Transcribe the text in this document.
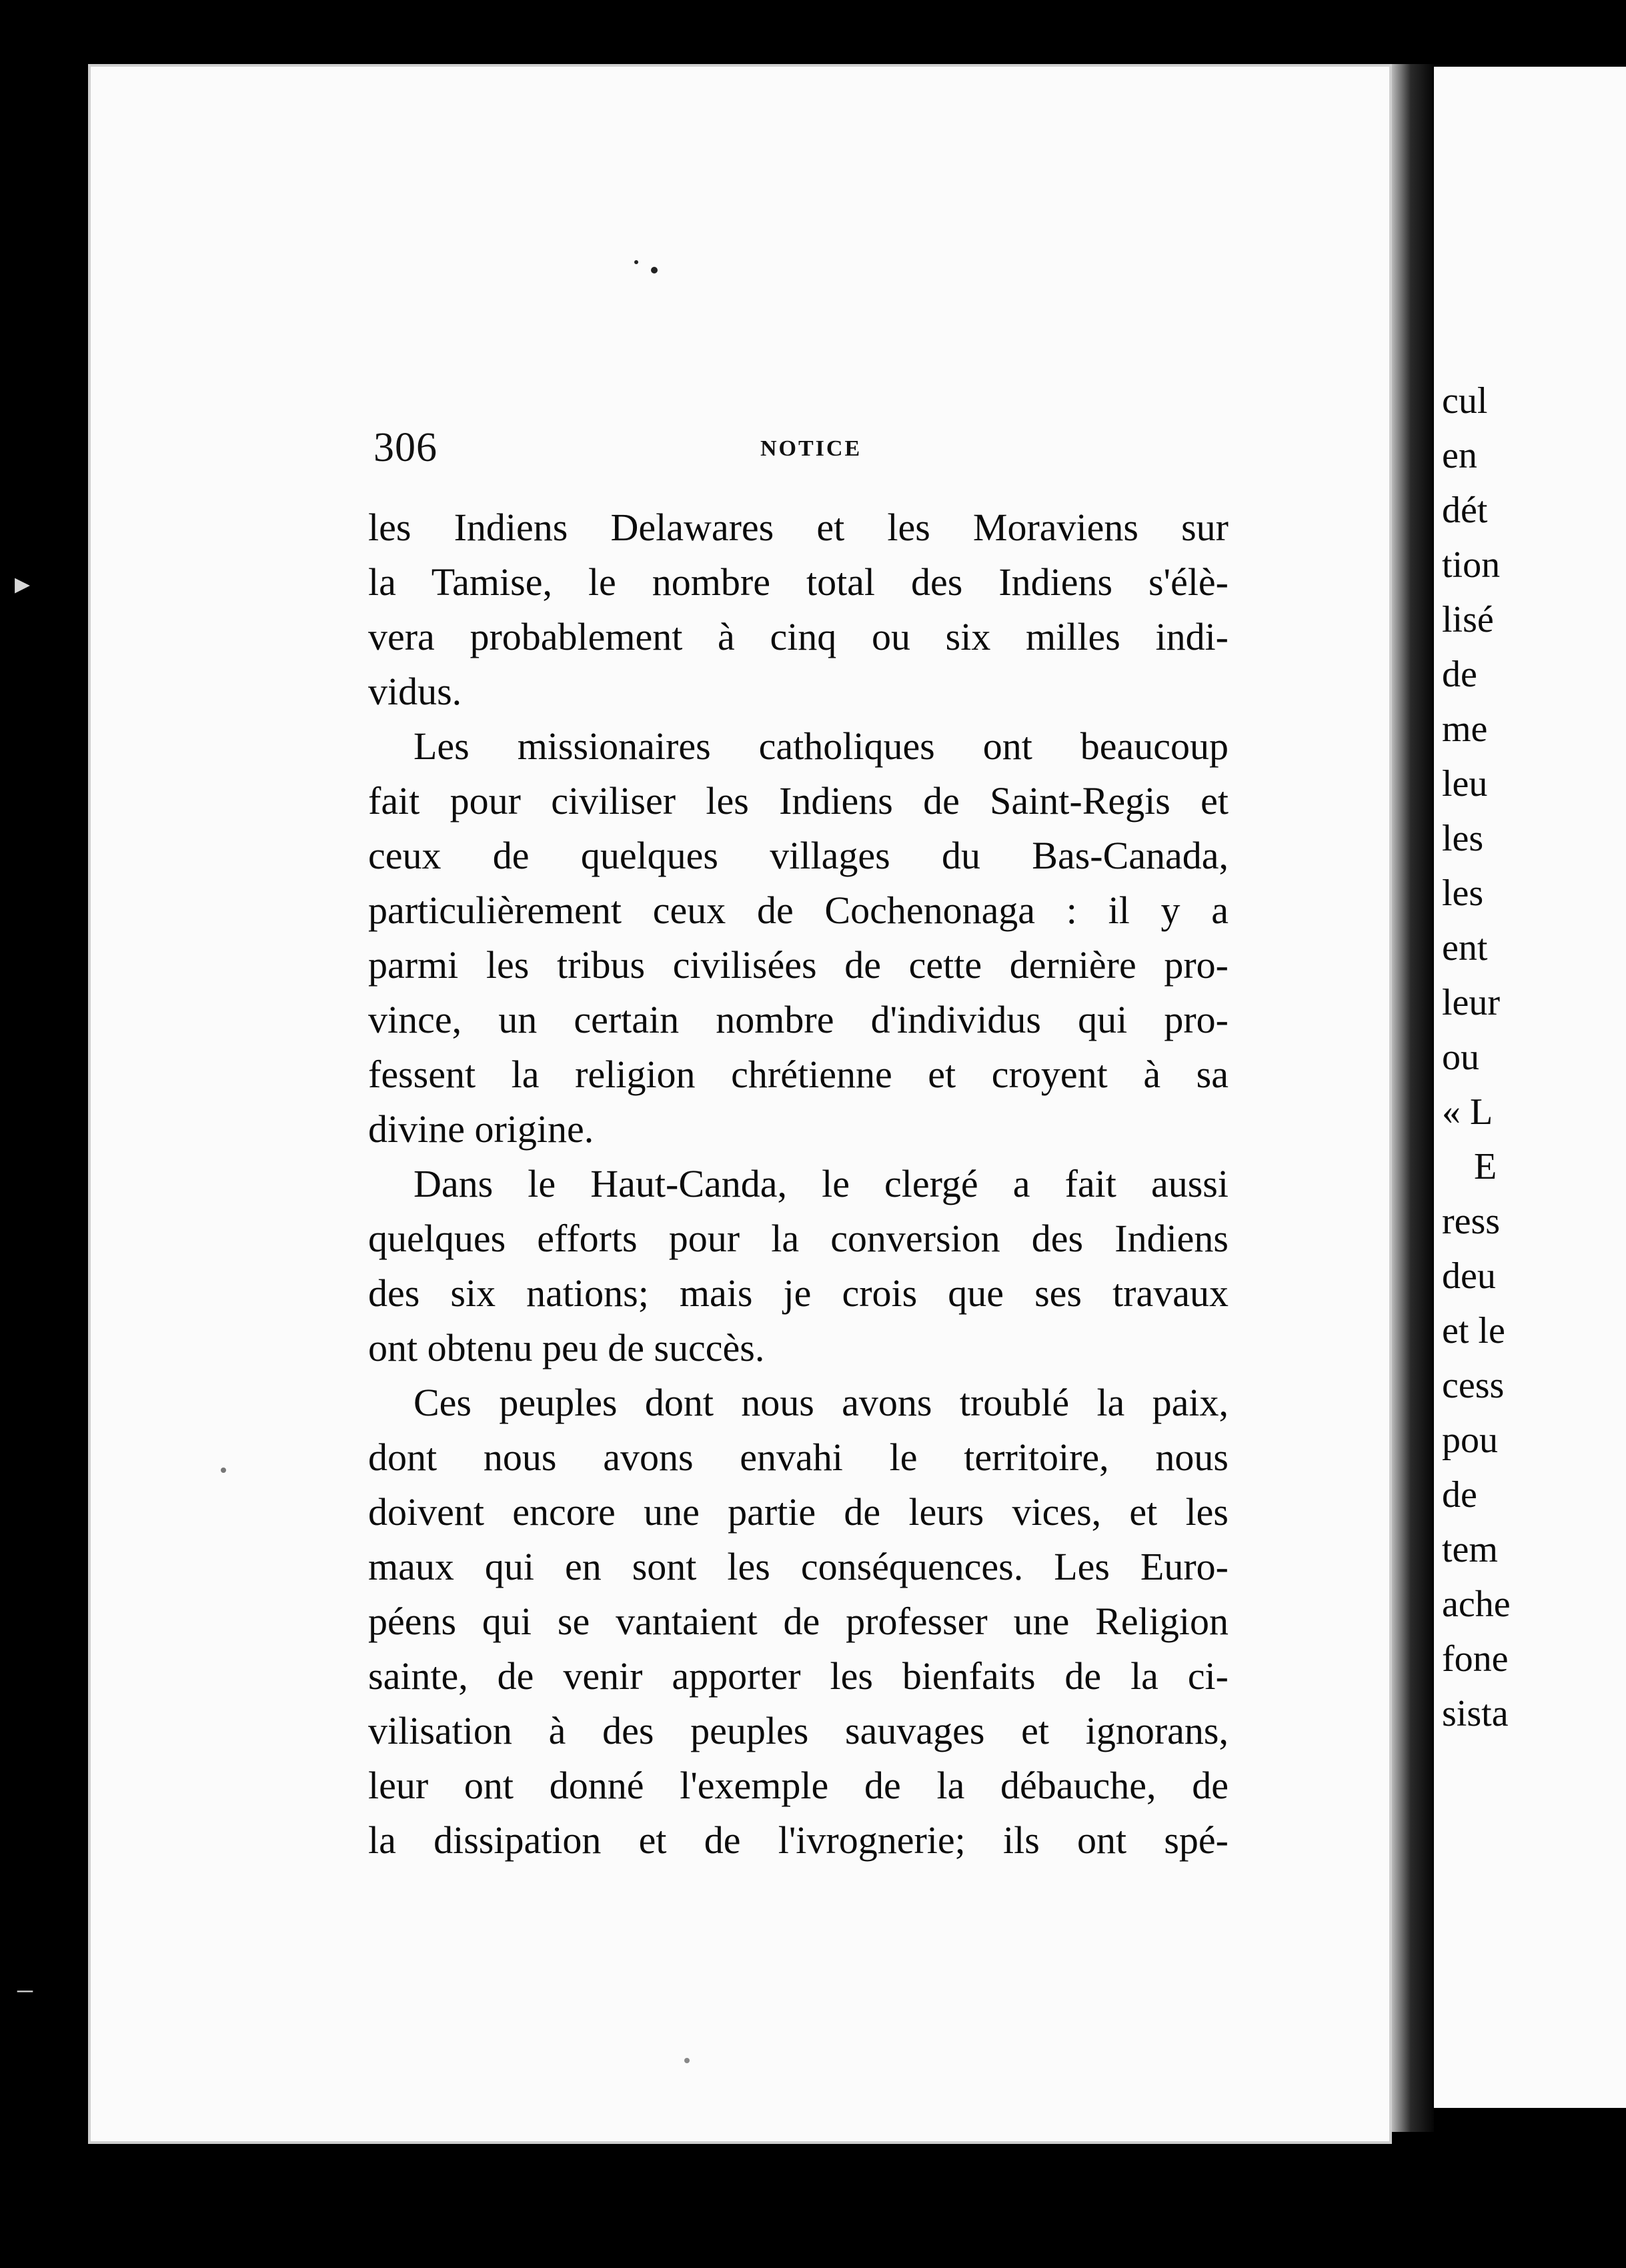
▸
–
306	NOTICE
les Indiens Delawares et les Moraviens sur
la Tamise, le nombre total des Indiens s'élè-
vera probablement à cinq ou six milles indi-
vidus.
Les missionaires catholiques ont beaucoup
fait pour civiliser les Indiens de Saint-Regis et
ceux de quelques villages du Bas-Canada,
particulièrement ceux de Cochenonaga : il y a
parmi les tribus civilisées de cette dernière pro-
vince, un certain nombre d'individus qui pro-
fessent la religion chrétienne et croyent à sa
divine origine.
Dans le Haut-Canda, le clergé a fait aussi
quelques efforts pour la conversion des Indiens
des six nations; mais je crois que ses travaux
ont obtenu peu de succès.
Ces peuples dont nous avons troublé la paix,
dont nous avons envahi le territoire, nous
doivent encore une partie de leurs vices, et les
maux qui en sont les conséquences. Les Euro-
péens qui se vantaient de professer une Religion
sainte, de venir apporter les bienfaits de la ci-
vilisation à des peuples sauvages et ignorans,
leur ont donné l'exemple de la débauche, de
la dissipation et de l'ivrognerie; ils ont spé-
cul
en
dét
tion
lisé
de
me
leu
les
les
ent
leur
ou
« L
E
ress
deu
et le
cess
pou
de
tem
ache
fone
sista
